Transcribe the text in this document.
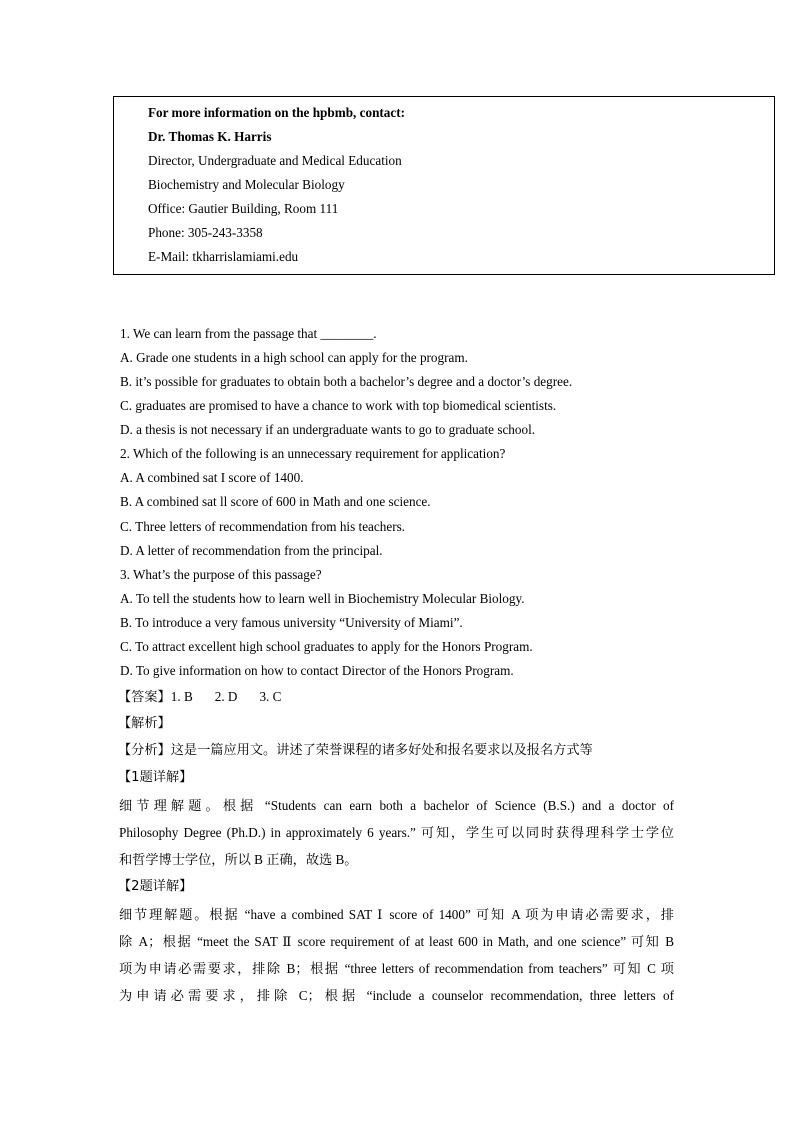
For more information on the hpbmb, contact:
Dr. Thomas K. Harris
Director, Undergraduate and Medical Education
Biochemistry and Molecular Biology
Office: Gautier Building, Room 111
Phone: 305-243-3358
E-Mail: tkharrislamiami.edu
1. We can learn from the passage that ________.
A. Grade one students in a high school can apply for the program.
B. it’s possible for graduates to obtain both a bachelor’s degree and a doctor’s degree.
C. graduates are promised to have a chance to work with top biomedical scientists.
D. a thesis is not necessary if an undergraduate wants to go to graduate school.
2. Which of the following is an unnecessary requirement for application?
A. A combined sat I score of 1400.
B. A combined sat ll score of 600 in Math and one science.
C. Three letters of recommendation from his teachers.
D. A letter of recommendation from the principal.
3. What’s the purpose of this passage?
A. To tell the students how to learn well in Biochemistry Molecular Biology.
B. To introduce a very famous university “University of Miami”.
C. To attract excellent high school graduates to apply for the Honors Program.
D. To give information on how to contact Director of the Honors Program.
【答案】1. B 2. D 3. C
【解析】
【分析】这是一篇应用文。讲述了荣誉课程的诸多好处和报名要求以及报名方式等
【1题详解】
细节理解题。根据 “Students can earn both a bachelor of Science (B.S.) and a doctor of
Philosophy Degree (Ph.D.) in approximately 6 years.” 可知，学生可以同时获得理科学士学位
和哲学博士学位，所以 B 正确，故选 B。
【2题详解】
细节理解题。根据 “have a combined SAT Ⅰ score of 1400” 可知 A 项为申请必需要求，排
除 A；根据 “meet the SAT Ⅱ score requirement of at least 600 in Math, and one science” 可知 B
项为申请必需要求，排除 B；根据 “three letters of recommendation from teachers” 可知 C 项
为申请必需要求，排除 C；根据 “include a counselor recommendation, three letters of
